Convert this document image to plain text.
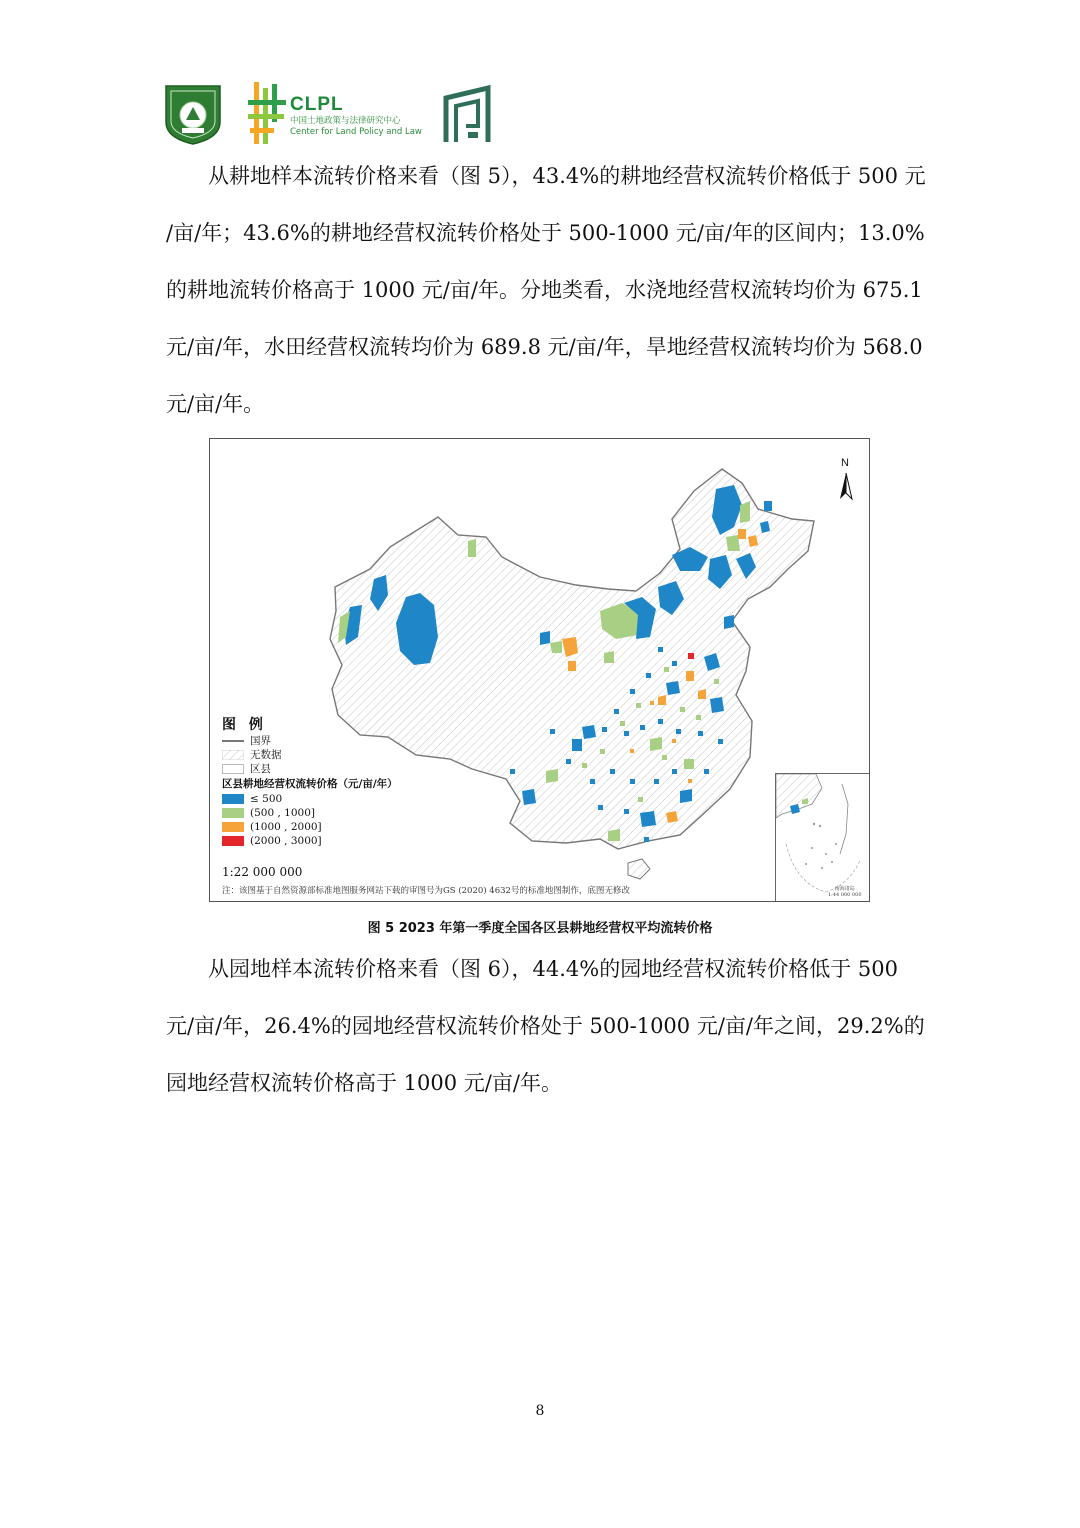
CLPL
中国土地政策与法律研究中心
Center for Land Policy and Law
从耕地样本流转价格来看（图 5），43.4%的耕地经营权流转价格低于 500 元
/亩/年；43.6%的耕地经营权流转价格处于 500-1000 元/亩/年的区间内；13.0%
的耕地流转价格高于 1000 元/亩/年。分地类看，水浇地经营权流转均价为 675.1
元/亩/年，水田经营权流转均价为 689.8 元/亩/年，旱地经营权流转均价为 568.0
元/亩/年。
N
图 例
国界
无数据
区县
区县耕地经营权流转价格（元/亩/年）
≤ 500
(500 , 1000]
(1000 , 2000]
(2000 , 3000]
1:22 000 000
注：该图基于自然资源部标准地图服务网站下载的审图号为GS (2020) 4632号的标准地图制作，底图无修改	南海诸岛
1:44 000 000
图 5 2023 年第一季度全国各区县耕地经营权平均流转价格
从园地样本流转价格来看（图 6），44.4%的园地经营权流转价格低于 500
元/亩/年，26.4%的园地经营权流转价格处于 500-1000 元/亩/年之间，29.2%的
园地经营权流转价格高于 1000 元/亩/年。
8
